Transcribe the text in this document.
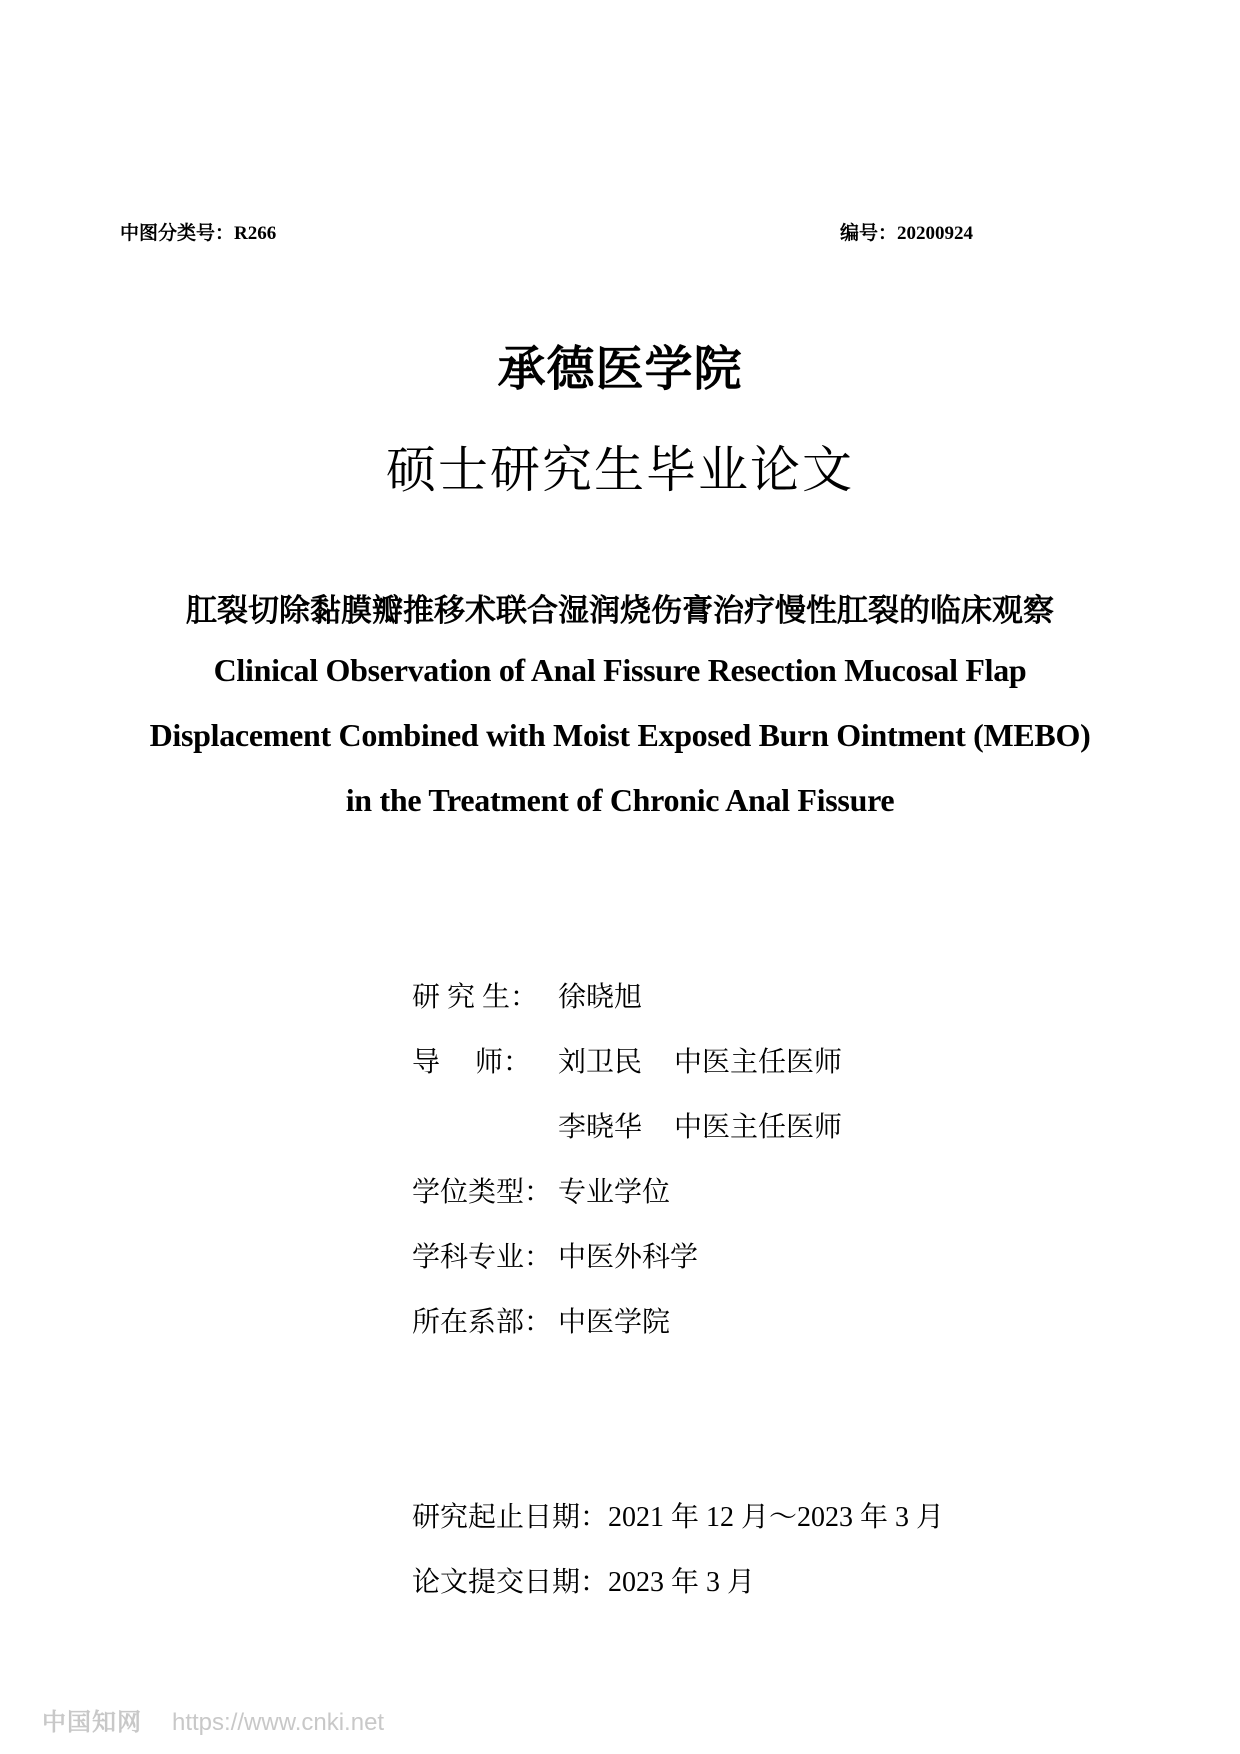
中图分类号：R266	编号：20200924
承德医学院
硕士研究生毕业论文
肛裂切除黏膜瓣推移术联合湿润烧伤膏治疗慢性肛裂的临床观察
Clinical Observation of Anal Fissure Resection Mucosal Flap
Displacement Combined with Moist Exposed Burn Ointment (MEBO)
in the Treatment of Chronic Anal Fissure
研 究 生： 徐晓旭
导     师： 刘卫民 中医主任医师
李晓华 中医主任医师
学位类型： 专业学位
学科专业： 中医外科学
所在系部： 中医学院
研究起止日期：2021 年 12 月～2023 年 3 月
论文提交日期：2023 年 3 月
中国知网 https://www.cnki.net
